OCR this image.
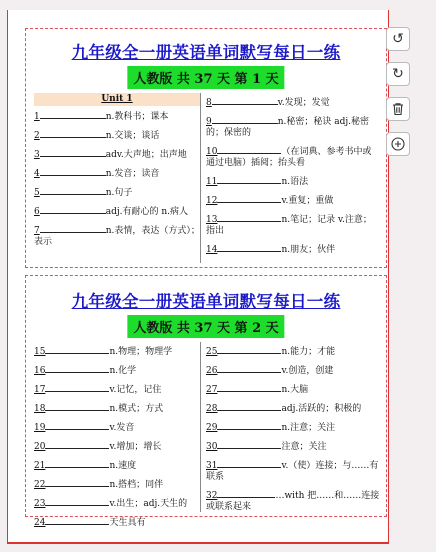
九年级全一册英语单词默写每日一练
人教版 共 37 天 第 1 天
Unit 1
1	n.教科书；课本
2	n.交谈；谈话
3	adv.大声地；出声地
4	n.发音；读音
5	n.句子
6	adj.有耐心的 n.病人
7	n.表情，表达（方式）；表示
8	v.发现；发觉
9	n.秘密；秘诀 adj.秘密的；保密的
10	（在词典、参考书中或通过电脑）插阅；抬头看
11	n.语法
12	v.重复；重做
13	n.笔记；记录 v.注意；指出
14	n.朋友；伙伴
九年级全一册英语单词默写每日一练
人教版 共 37 天 第 2 天
15	n.物理；物理学
16	n.化学
17	v.记忆，记住
18	n.模式；方式
19	v.发音
20	v.增加；增长
21	n.速度
22	n.搭档；同伴
23	v.出生；adj.天生的
24	天生具有
25	n.能力；才能
26	v.创造，创建
27	n.大脑
28	adj.活跃的；积极的
29	n.注意；关注
30	注意；关注
31	v.（使）连接；与……有联系
32	…with 把……和……连接或联系起来
↺
↻
